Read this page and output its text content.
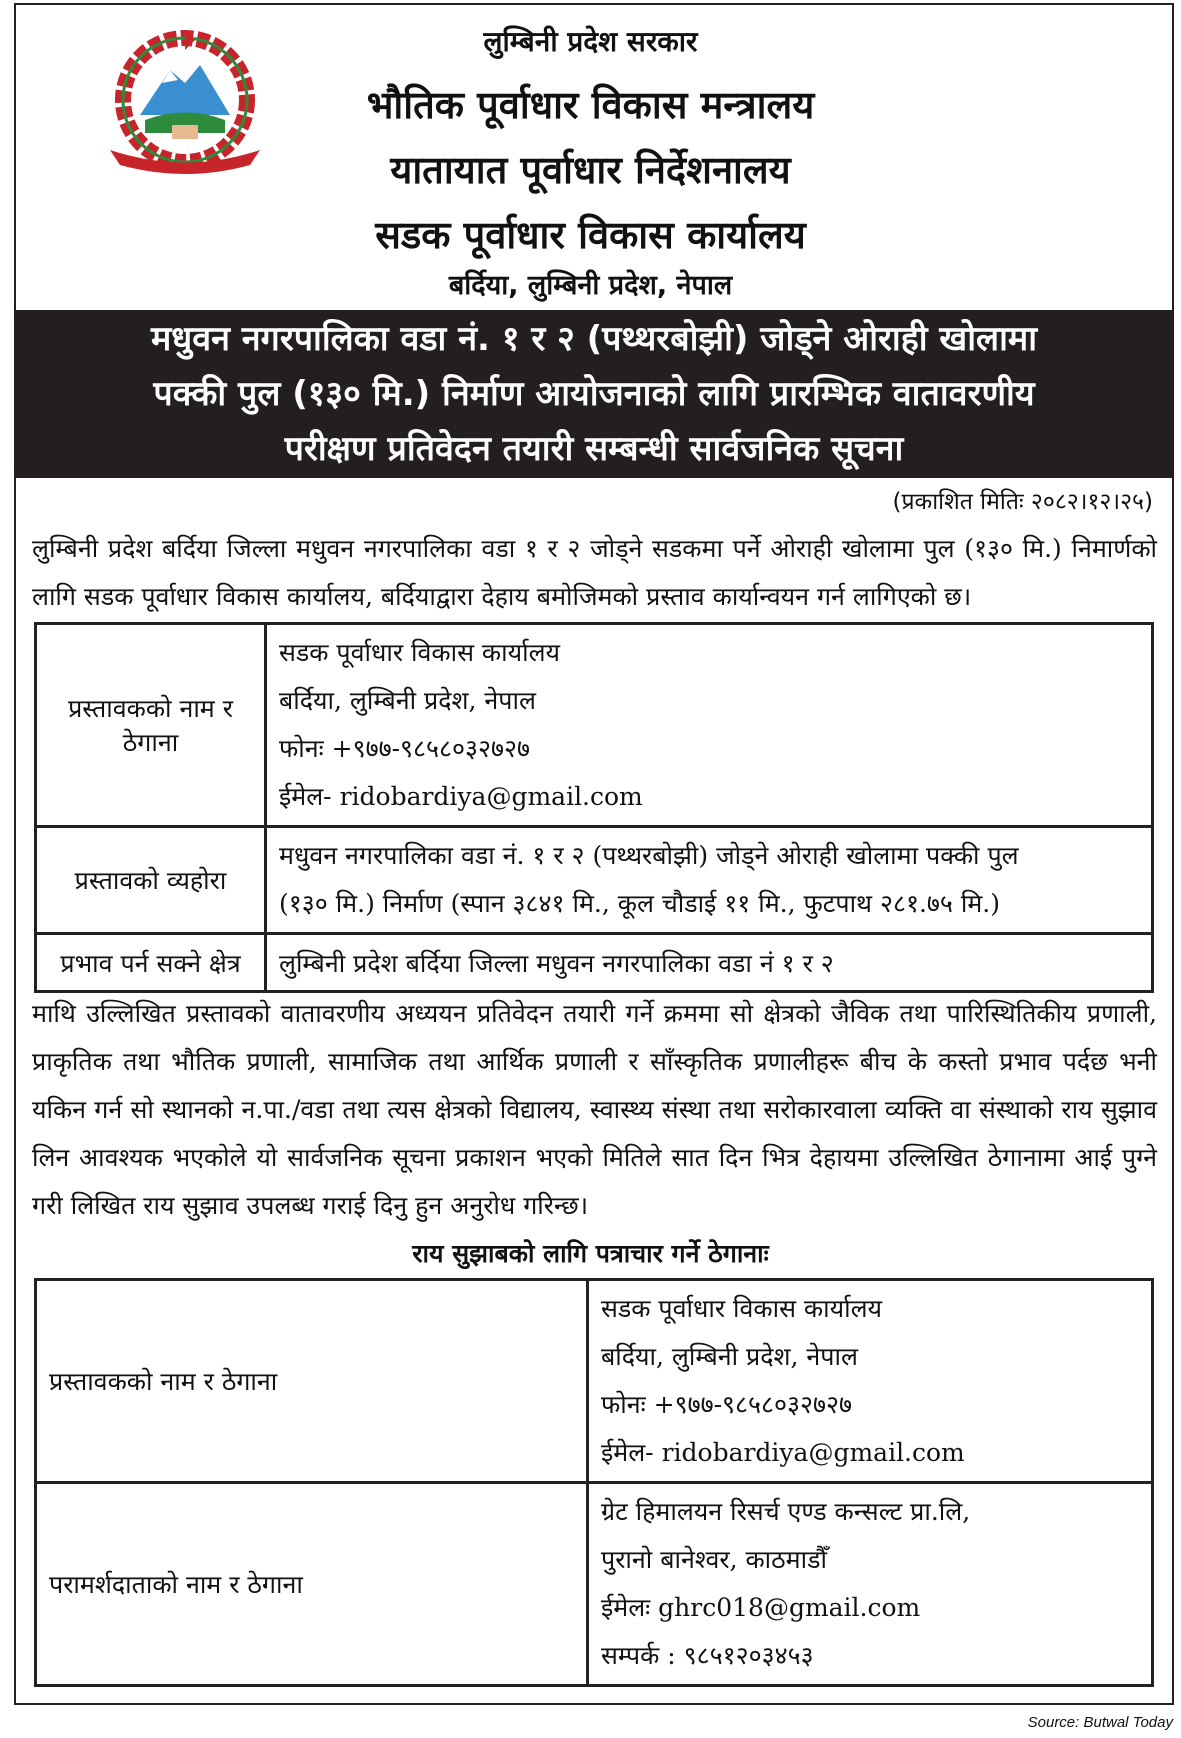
लुम्बिनी प्रदेश सरकार
भौतिक पूर्वाधार विकास मन्त्रालय
यातायात पूर्वाधार निर्देशनालय
सडक पूर्वाधार विकास कार्यालय
बर्दिया, लुम्बिनी प्रदेश, नेपाल
मधुवन नगरपालिका वडा नं. १ र २ (पथ्थरबोझी) जोड्ने ओराही खोलामा
पक्की पुल (१३० मि.) निर्माण आयोजनाको लागि प्रारम्भिक वातावरणीय
परीक्षण प्रतिवेदन तयारी सम्बन्धी सार्वजनिक सूचना
(प्रकाशित मितिः २०८२।१२।२५)
लुम्बिनी प्रदेश बर्दिया जिल्ला मधुवन नगरपालिका वडा १ र २ जोड्ने सडकमा पर्ने ओराही खोलामा पुल (१३० मि.) निमार्णको लागि सडक पूर्वाधार विकास कार्यालय, बर्दियाद्वारा देहाय बमोजिमको प्रस्ताव कार्यान्वयन गर्न लागिएको छ।
प्रस्तावकको नाम र ठेगाना	सडक पूर्वाधार विकास कार्यालय
बर्दिया, लुम्बिनी प्रदेश, नेपाल
फोनः +९७७-९८५८०३२७२७
ईमेल- ridobardiya@gmail.com

प्रस्तावको व्यहोरा	मधुवन नगरपालिका वडा नं. १ र २ (पथ्थरबोझी) जोड्ने ओराही खोलामा पक्की पुल
(१३० मि.) निर्माण (स्पान ३८४१ मि., कूल चौडाई ११ मि., फुटपाथ २८१.७५ मि.)

प्रभाव पर्न सक्ने क्षेत्र	लुम्बिनी प्रदेश बर्दिया जिल्ला मधुवन नगरपालिका वडा नं १ र २
माथि उल्लिखित प्रस्तावको वातावरणीय अध्ययन प्रतिवेदन तयारी गर्ने क्रममा सो क्षेत्रको जैविक तथा पारिस्थितिकीय प्रणाली, प्राकृतिक तथा भौतिक प्रणाली, सामाजिक तथा आर्थिक प्रणाली र साँस्कृतिक प्रणालीहरू बीच के कस्तो प्रभाव पर्दछ भनी यकिन गर्न सो स्थानको न.पा./वडा तथा त्यस क्षेत्रको विद्यालय, स्वास्थ्य संस्था तथा सरोकारवाला व्यक्ति वा संस्थाको राय सुझाव लिन आवश्यक भएकोले यो सार्वजनिक सूचना प्रकाशन भएको मितिले सात दिन भित्र देहायमा उल्लिखित ठेगानामा आई पुग्ने गरी लिखित राय सुझाव उपलब्ध गराई दिनु हुन अनुरोध गरिन्छ।
राय सुझाबको लागि पत्राचार गर्ने ठेगानाः
प्रस्तावकको नाम र ठेगाना	सडक पूर्वाधार विकास कार्यालय
बर्दिया, लुम्बिनी प्रदेश, नेपाल
फोनः +९७७-९८५८०३२७२७
ईमेल- ridobardiya@gmail.com

परामर्शदाताको नाम र ठेगाना	ग्रेट हिमालयन रिसर्च एण्ड कन्सल्ट प्रा.लि,
पुरानो बानेश्वर, काठमाडौँ
ईमेलः ghrc018@gmail.com
सम्पर्क : ९८५१२०३४५३
Source: Butwal Today
